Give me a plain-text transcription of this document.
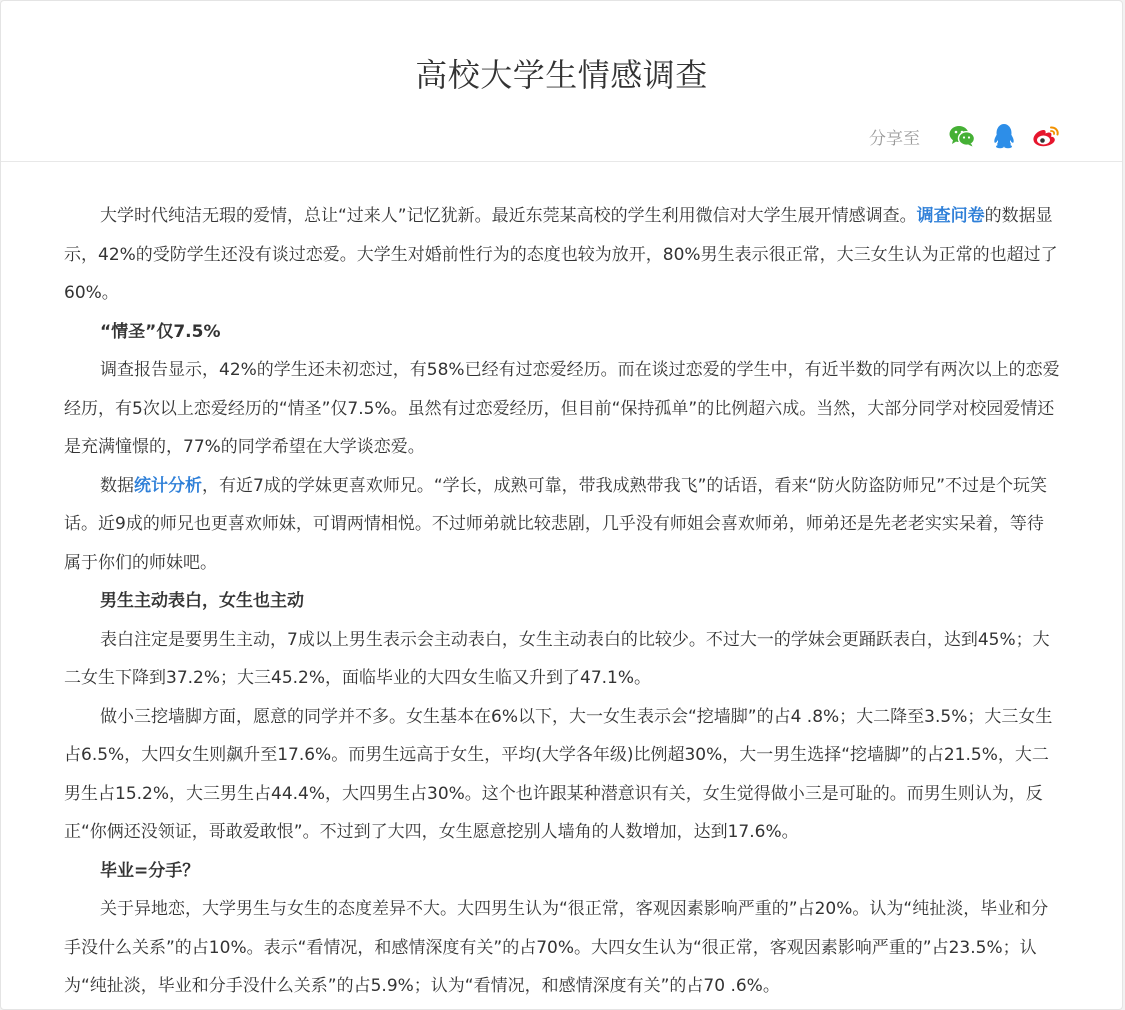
高校大学生情感调查
分享至

大学时代纯洁无瑕的爱情，总让“过来人”记忆犹新。最近东莞某高校的学生利用微信对大学生展开情感调查。调查问卷的数据显示，42%的受防学生还没有谈过恋爱。大学生对婚前性行为的态度也较为放开，80%男生表示很正常，大三女生认为正常的也超过了60%。

“情圣”仅7.5%

调查报告显示，42%的学生还未初恋过，有58%已经有过恋爱经历。而在谈过恋爱的学生中，有近半数的同学有两次以上的恋爱经历，有5次以上恋爱经历的“情圣”仅7.5%。虽然有过恋爱经历，但目前“保持孤单”的比例超六成。当然，大部分同学对校园爱情还是充满憧憬的，77%的同学希望在大学谈恋爱。

数据统计分析，有近7成的学妹更喜欢师兄。“学长，成熟可靠，带我成熟带我飞”的话语，看来“防火防盗防师兄”不过是个玩笑话。近9成的师兄也更喜欢师妹，可谓两情相悦。不过师弟就比较悲剧，几乎没有师姐会喜欢师弟，师弟还是先老老实实呆着，等待属于你们的师妹吧。

男生主动表白，女生也主动

表白注定是要男生主动，7成以上男生表示会主动表白，女生主动表白的比较少。不过大一的学妹会更踊跃表白，达到45%；大二女生下降到37.2%；大三45.2%，面临毕业的大四女生临又升到了47.1%。

做小三挖墙脚方面，愿意的同学并不多。女生基本在6%以下，大一女生表示会“挖墙脚”的占4 .8%；大二降至3.5%；大三女生占6.5%，大四女生则飙升至17.6%。而男生远高于女生，平均(大学各年级)比例超30%，大一男生选择“挖墙脚”的占21.5%，大二男生占15.2%，大三男生占44.4%，大四男生占30%。这个也许跟某种潜意识有关，女生觉得做小三是可耻的。而男生则认为，反正“你俩还没领证，哥敢爱敢恨”。不过到了大四，女生愿意挖别人墙角的人数增加，达到17.6%。

毕业=分手？

关于异地恋，大学男生与女生的态度差异不大。大四男生认为“很正常，客观因素影响严重的”占20%。认为“纯扯淡，毕业和分手没什么关系”的占10%。表示“看情况，和感情深度有关”的占70%。大四女生认为“很正常，客观因素影响严重的”占23.5%；认为“纯扯淡，毕业和分手没什么关系”的占5.9%；认为“看情况，和感情深度有关”的占70 .6%。
